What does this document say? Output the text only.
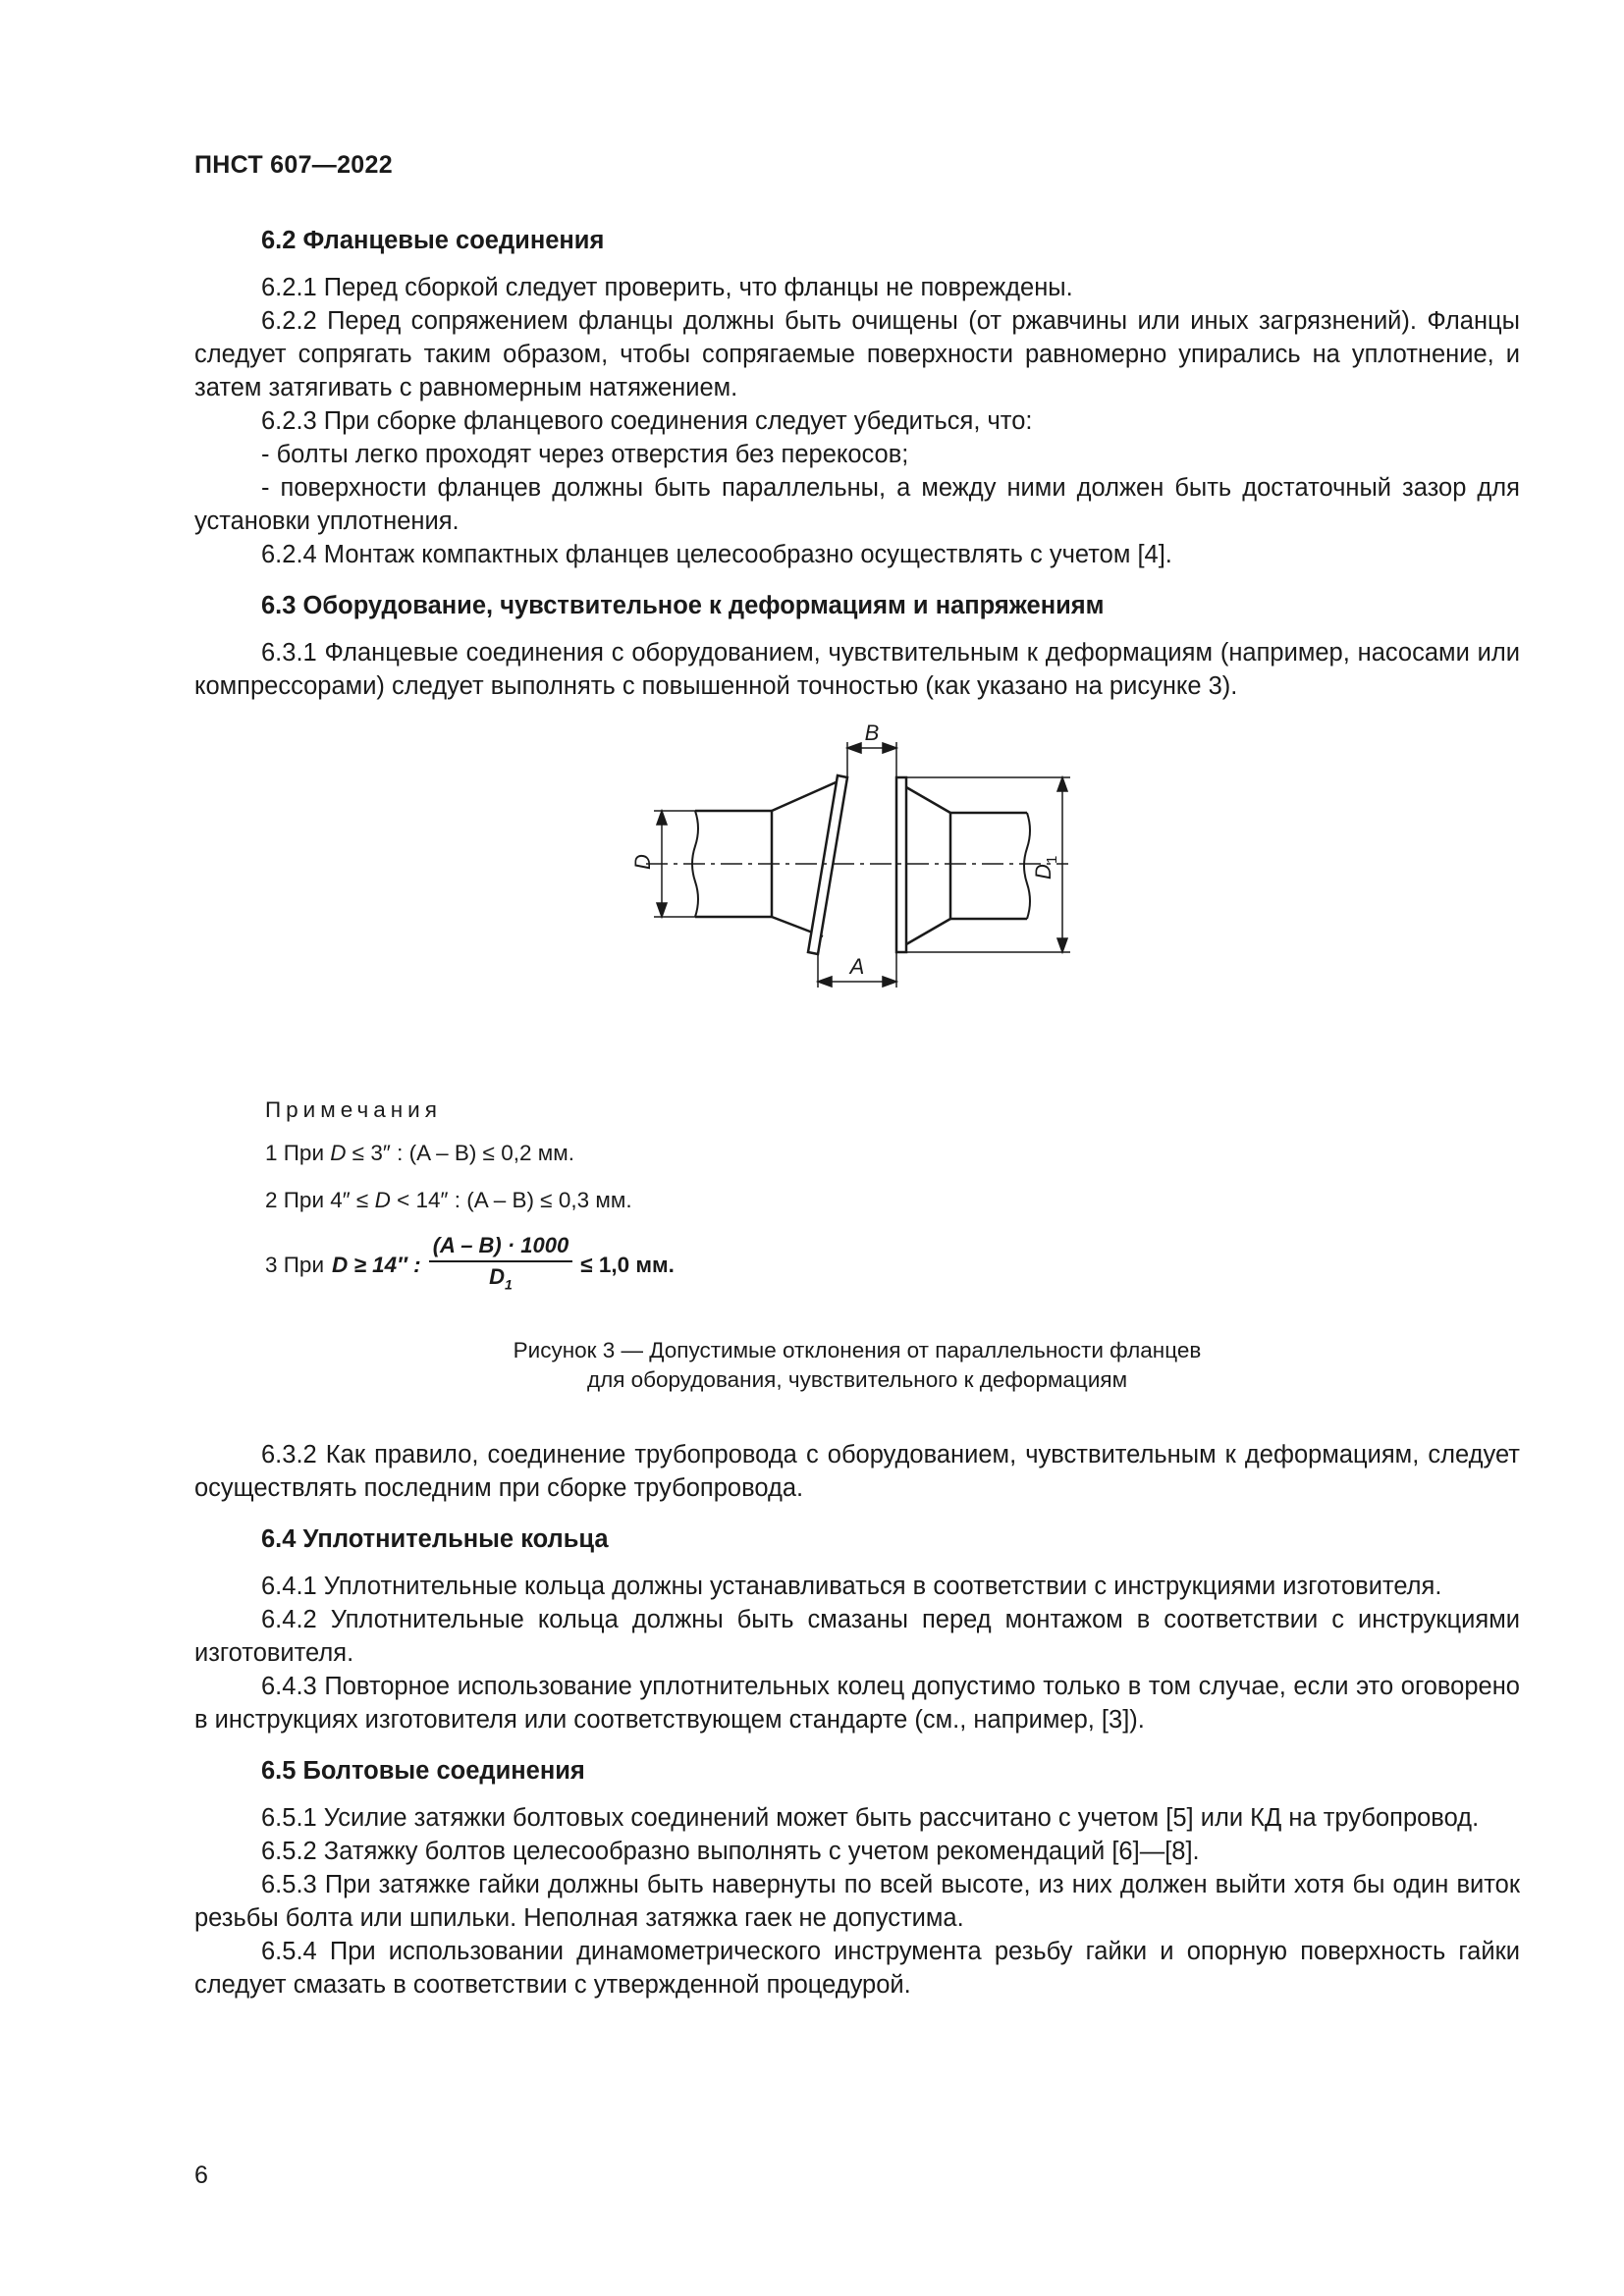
ПНСТ 607—2022
6.2 Фланцевые соединения

6.2.1 Перед сборкой следует проверить, что фланцы не повреждены.

6.2.2 Перед сопряжением фланцы должны быть очищены (от ржавчины или иных загрязнений). Фланцы следует сопрягать таким образом, чтобы сопрягаемые поверхности равномерно упирались на уплотнение, и затем затягивать с равномерным натяжением.

6.2.3 При сборке фланцевого соединения следует убедиться, что:

- болты легко проходят через отверстия без перекосов;

- поверхности фланцев должны быть параллельны, а между ними должен быть достаточный зазор для установки уплотнения.

6.2.4 Монтаж компактных фланцев целесообразно осуществлять с учетом [4].

6.3 Оборудование, чувствительное к деформациям и напряжениям

6.3.1 Фланцевые соединения с оборудованием, чувствительным к деформациям (например, насосами или компрессорами) следует выполнять с повышенной точностью (как указано на рисунке 3).

B
A
D
D
1
Примечания
1 При D ≤ 3″ : (A – B) ≤ 0,2 мм.
2 При 4″ ≤ D < 14″ : (A – B) ≤ 0,3 мм.
3 При D ≥ 14″ : $\frac{(A - B) \cdot 1000}{D_1} \le 1,0$ мм.
Рисунок 3 — Допустимые отклонения от параллельности фланцев
для оборудования, чувствительного к деформациям

6.3.2 Как правило, соединение трубопровода с оборудованием, чувствительным к деформациям, следует осуществлять последним при сборке трубопровода.

6.4 Уплотнительные кольца

6.4.1 Уплотнительные кольца должны устанавливаться в соответствии с инструкциями изготовителя.

6.4.2 Уплотнительные кольца должны быть смазаны перед монтажом в соответствии с инструкциями изготовителя.

6.4.3 Повторное использование уплотнительных колец допустимо только в том случае, если это оговорено в инструкциях изготовителя или соответствующем стандарте (см., например, [3]).

6.5 Болтовые соединения

6.5.1 Усилие затяжки болтовых соединений может быть рассчитано с учетом [5] или КД на трубопровод.

6.5.2 Затяжку болтов целесообразно выполнять с учетом рекомендаций [6]—[8].

6.5.3 При затяжке гайки должны быть навернуты по всей высоте, из них должен выйти хотя бы один виток резьбы болта или шпильки. Неполная затяжка гаек не допустима.

6.5.4 При использовании динамометрического инструмента резьбу гайки и опорную поверхность гайки следует смазать в соответствии с утвержденной процедурой.

6
